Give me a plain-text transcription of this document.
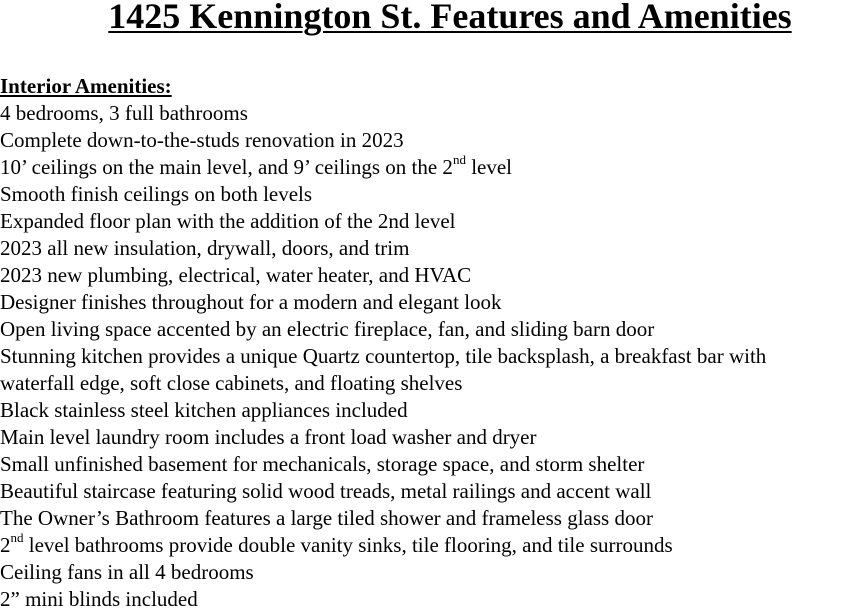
1425 Kennington St. Features and Amenities
Interior Amenities:
4 bedrooms, 3 full bathrooms
Complete down-to-the-studs renovation in 2023
10’ ceilings on the main level, and 9’ ceilings on the 2nd level
Smooth finish ceilings on both levels
Expanded floor plan with the addition of the 2nd level
2023 all new insulation, drywall, doors, and trim
2023 new plumbing, electrical, water heater, and HVAC
Designer finishes throughout for a modern and elegant look
Open living space accented by an electric fireplace, fan, and sliding barn door
Stunning kitchen provides a unique Quartz countertop, tile backsplash, a breakfast bar with
waterfall edge, soft close cabinets, and floating shelves
Black stainless steel kitchen appliances included
Main level laundry room includes a front load washer and dryer
Small unfinished basement for mechanicals, storage space, and storm shelter
Beautiful staircase featuring solid wood treads, metal railings and accent wall
The Owner’s Bathroom features a large tiled shower and frameless glass door
2nd level bathrooms provide double vanity sinks, tile flooring, and tile surrounds
Ceiling fans in all 4 bedrooms
2” mini blinds included
